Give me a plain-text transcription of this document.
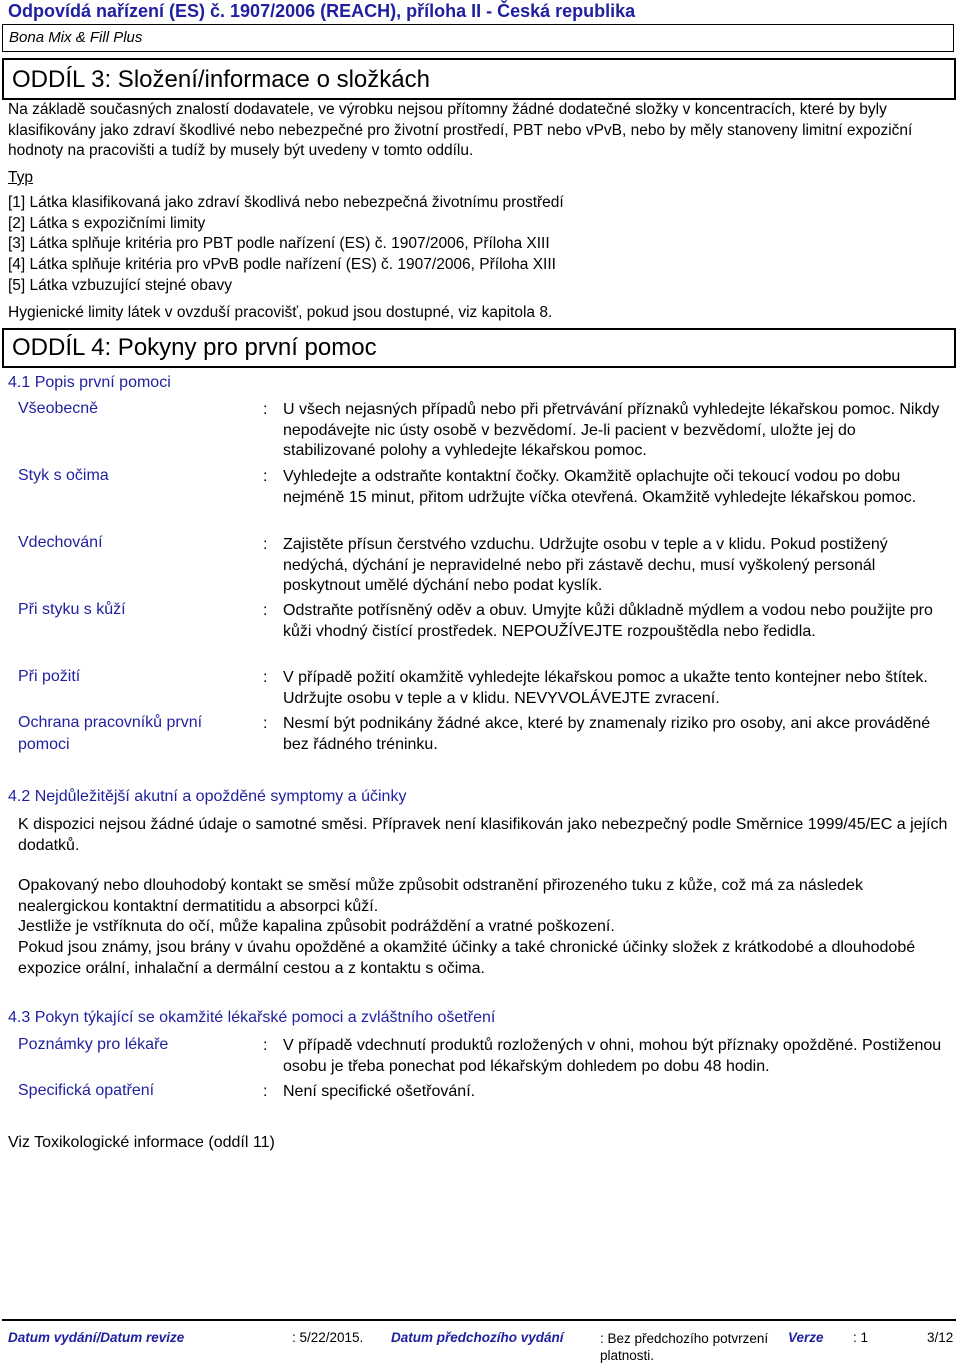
Odpovídá nařízení (ES) č. 1907/2006 (REACH), příloha II - Česká republika
Bona Mix & Fill Plus
ODDÍL 3: Složení/informace o složkách
Na základě současných znalostí dodavatele, ve výrobku nejsou přítomny žádné dodatečné složky v koncentracích, které by byly klasifikovány jako zdraví škodlivé nebo nebezpečné pro životní prostředí, PBT nebo vPvB, nebo by měly stanoveny limitní expoziční hodnoty na pracovišti a tudíž by musely být uvedeny v tomto oddílu.
Typ
[1] Látka klasifikovaná jako zdraví škodlivá nebo nebezpečná životnímu prostředí
[2] Látka s expozičními limity
[3] Látka splňuje kritéria pro PBT podle nařízení (ES) č. 1907/2006, Příloha XIII
[4] Látka splňuje kritéria pro vPvB podle nařízení (ES) č. 1907/2006, Příloha XIII
[5] Látka vzbuzující stejné obavy
Hygienické limity látek v ovzduší pracovišť, pokud jsou dostupné, viz kapitola 8.
ODDÍL 4: Pokyny pro první pomoc
4.1 Popis první pomoci
Všeobecně	: U všech nejasných případů nebo při přetrvávání příznaků vyhledejte lékařskou pomoc. Nikdy nepodávejte nic ústy osobě v bezvědomí. Je-li pacient v bezvědomí, uložte jej do stabilizované polohy a vyhledejte lékařskou pomoc.
Styk s očima	: Vyhledejte a odstraňte kontaktní čočky. Okamžitě oplachujte oči tekoucí vodou po dobu nejméně 15 minut, přitom udržujte víčka otevřená. Okamžitě vyhledejte lékařskou pomoc.
Vdechování	: Zajistěte přísun čerstvého vzduchu. Udržujte osobu v teple a v klidu. Pokud postižený nedýchá, dýchání je nepravidelné nebo při zástavě dechu, musí vyškolený personál poskytnout umělé dýchání nebo podat kyslík.
Při styku s kůží	: Odstraňte potřísněný oděv a obuv. Umyjte kůži důkladně mýdlem a vodou nebo použijte pro kůži vhodný čistící prostředek. NEPOUŽÍVEJTE rozpouštědla nebo ředidla.
Při požití	: V případě požití okamžitě vyhledejte lékařskou pomoc a ukažte tento kontejner nebo štítek. Udržujte osobu v teple a v klidu. NEVYVOLÁVEJTE zvracení.
Ochrana pracovníků první pomoci
: Nesmí být podnikány žádné akce, které by znamenaly riziko pro osoby, ani akce prováděné bez řádného tréninku.
4.2 Nejdůležitější akutní a opožděné symptomy a účinky
K dispozici nejsou žádné údaje o samotné směsi. Přípravek není klasifikován jako nebezpečný podle Směrnice 1999/45/EC a jejích dodatků.
Opakovaný nebo dlouhodobý kontakt se směsí může způsobit odstranění přirozeného tuku z kůže, což má za následek nealergickou kontaktní dermatitidu a absorpci kůží.
Jestliže je vstříknuta do očí, může kapalina způsobit podráždění a vratné poškození.
Pokud jsou známy, jsou brány v úvahu opožděné a okamžité účinky a také chronické účinky složek z krátkodobé a dlouhodobé expozice orální, inhalační a dermální cestou a z kontaktu s očima.
4.3 Pokyn týkající se okamžité lékařské pomoci a zvláštního ošetření
Poznámky pro lékaře	: V případě vdechnutí produktů rozložených v ohni, mohou být příznaky opožděné. Postiženou osobu je třeba ponechat pod lékařským dohledem po dobu 48 hodin.
Specifická opatření	: Není specifické ošetřování.
Viz Toxikologické informace (oddíl 11)
Datum vydání/Datum revize	: 5/22/2015. Datum předchozího vydání	: Bez předchozího potvrzení platnosti.
Verze : 1	3/12
